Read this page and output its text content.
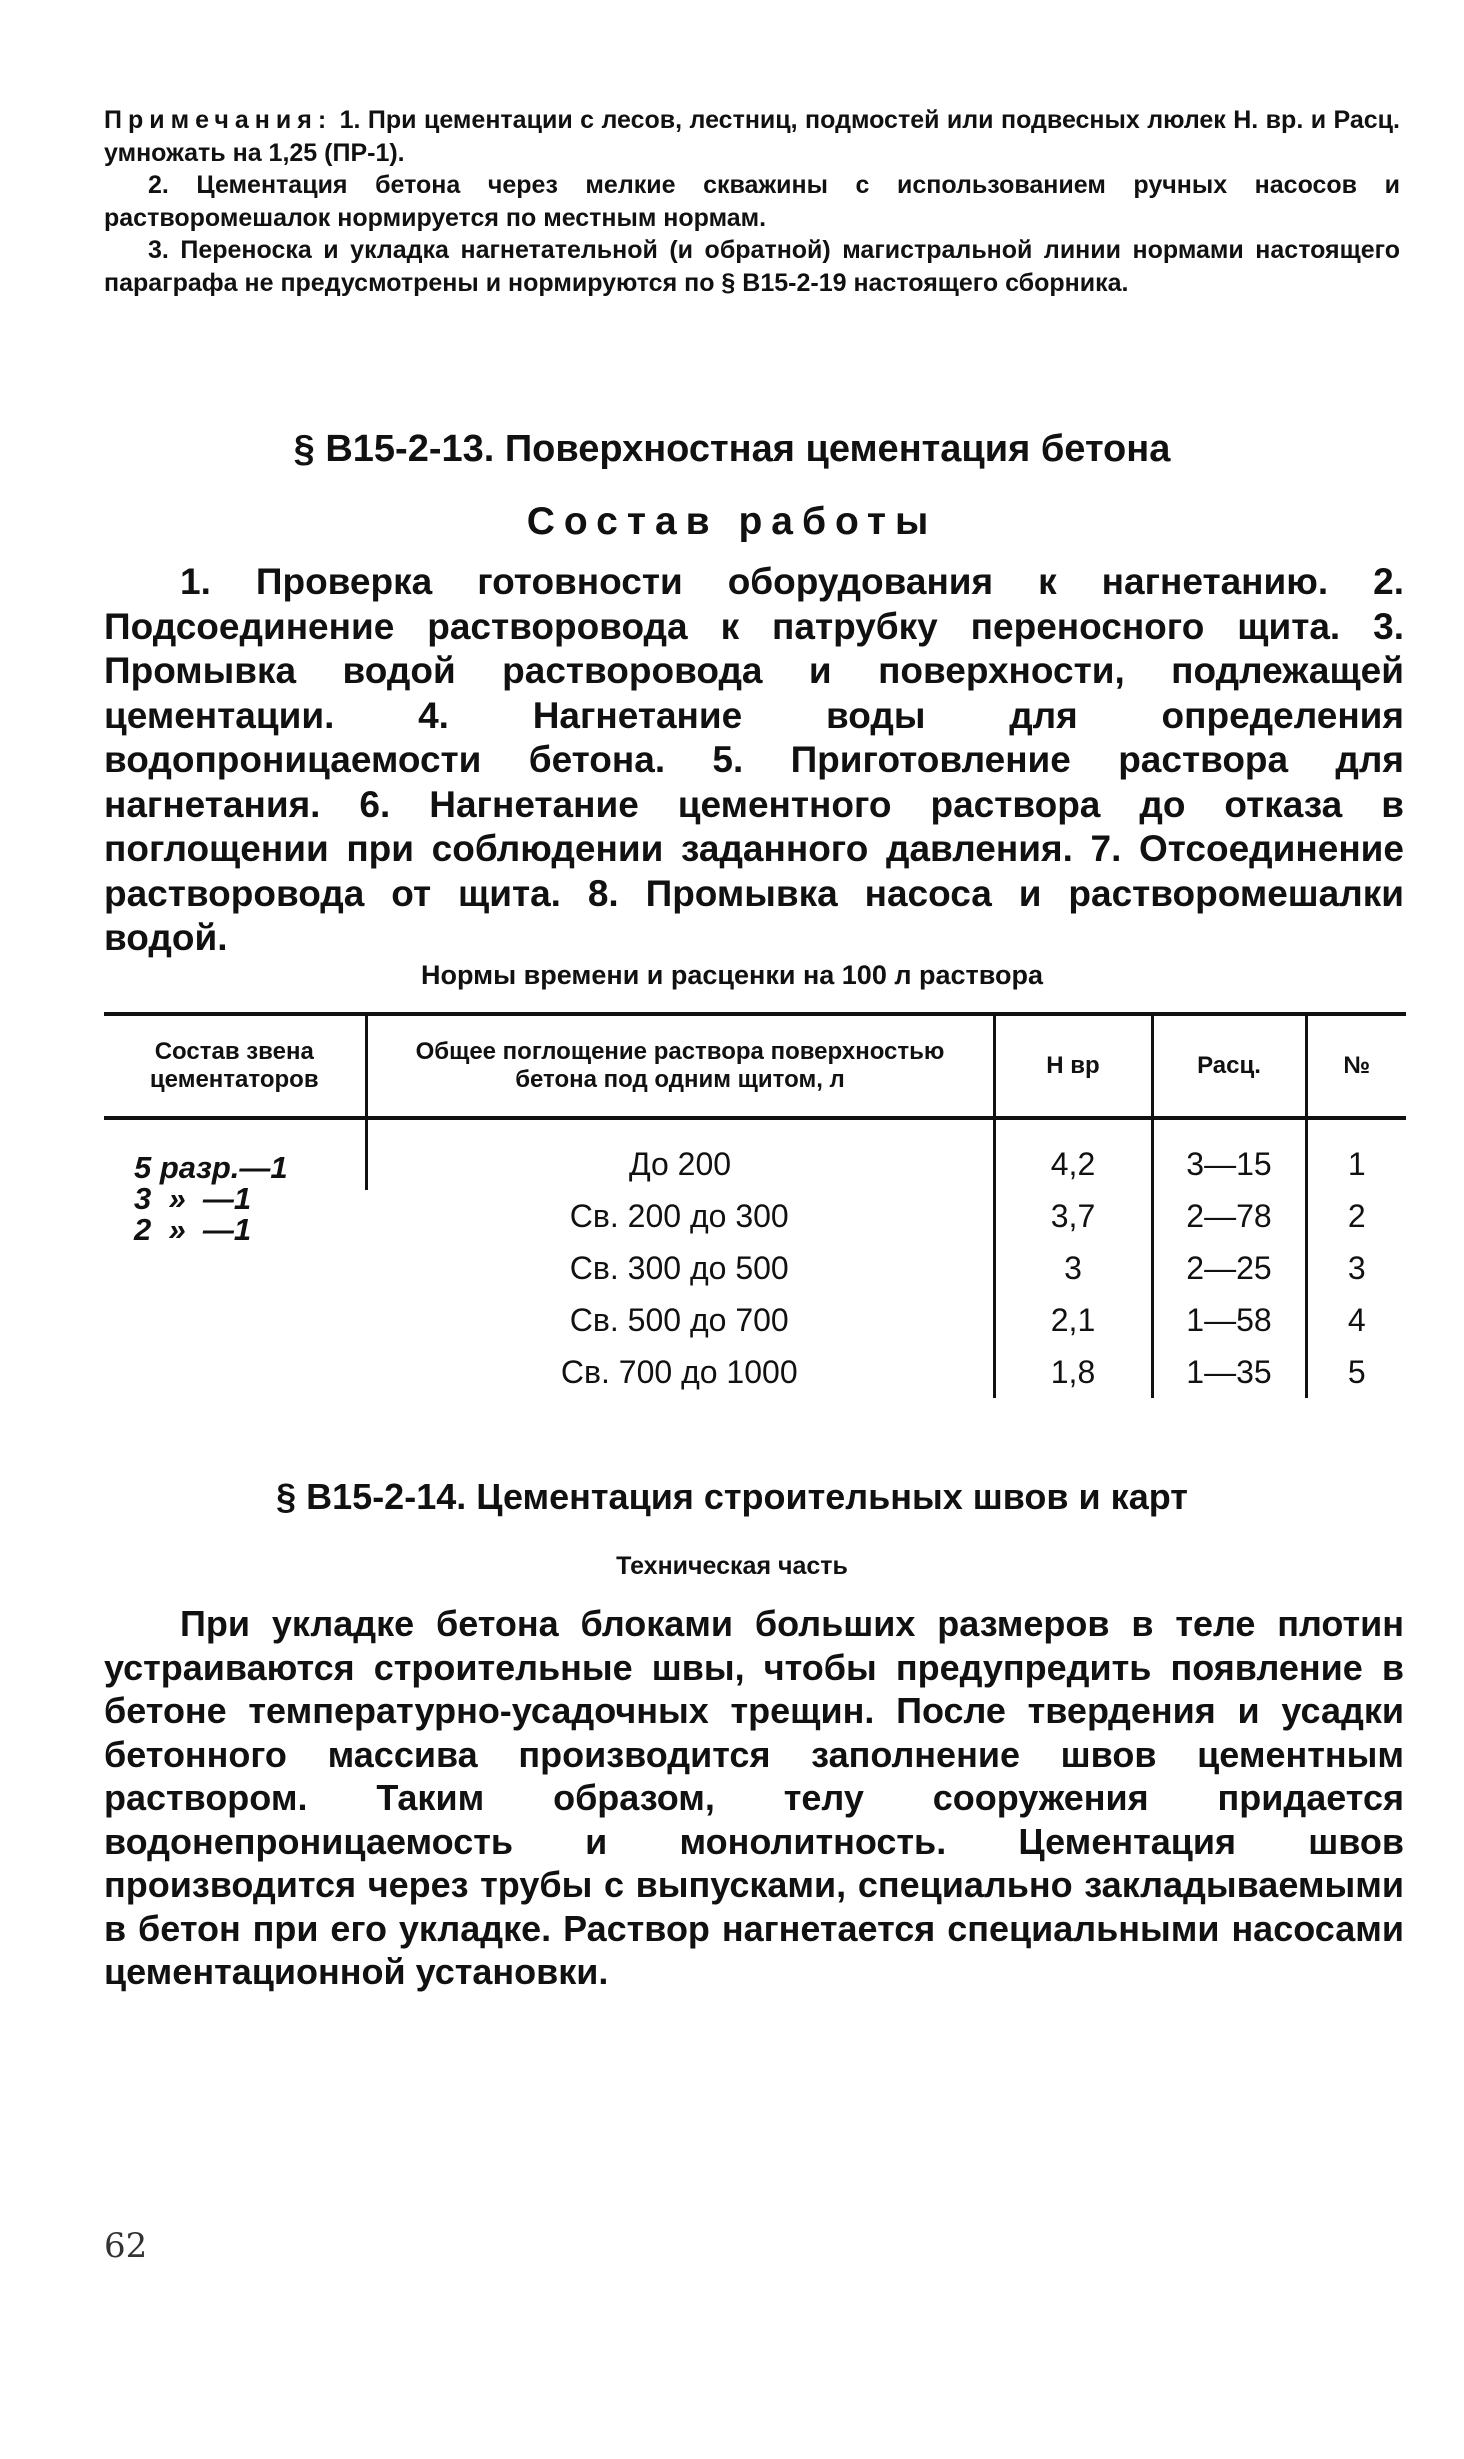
Примечания: 1. При цементации с лесов, лестниц, подмостей или подвесных люлек Н. вр. и Расц. умножать на 1,25 (ПР-1).

2. Цементация бетона через мелкие скважины с использованием ручных насосов и растворомешалок нормируется по местным нормам.

3. Переноска и укладка нагнетательной (и обратной) магистральной линии нормами настоящего параграфа не предусмотрены и нормируются по § В15-2-19 настоящего сборника.

§ В15-2-13. Поверхностная цементация бетона
Состав работы

1. Проверка готовности оборудования к нагнетанию. 2. Подсоединение растворовода к патрубку переносного щита. 3. Промывка водой растворовода и поверхности, подлежащей цементации. 4. Нагнетание воды для определения водопроницаемости бетона. 5. Приготовление раствора для нагнетания. 6. Нагнетание цементного раствора до отказа в поглощении при соблюдении заданного давления. 7. Отсоединение растворовода от щита. 8. Промывка насоса и растворомешалки водой.

Нормы времени и расценки на 100 л раствора
Состав звена цементаторов	Общее поглощение раствора поверхностью бетона под одним щитом, л	Н вр	Расц.	№

5 разр.—1
3  »  —1
2  »  —1	До 200	4,2	3—15	1
	Св. 200 до 300	3,7	2—78	2
	Св. 300 до 500	3	2—25	3
	Св. 500 до 700	2,1	1—58	4
	Св. 700 до 1000	1,8	1—35	5
§ В15-2-14. Цементация строительных швов и карт
Техническая часть

При укладке бетона блоками больших размеров в теле плотин устраиваются строительные швы, чтобы предупредить появление в бетоне температурно-усадочных трещин. После твердения и усадки бетонного массива производится заполнение швов цементным раствором. Таким образом, телу сооружения придается водонепроницаемость и монолитность. Цементация швов производится через трубы с выпусками, специально закладываемыми в бетон при его укладке. Раствор нагнетается специальными насосами цементационной установки.

62
